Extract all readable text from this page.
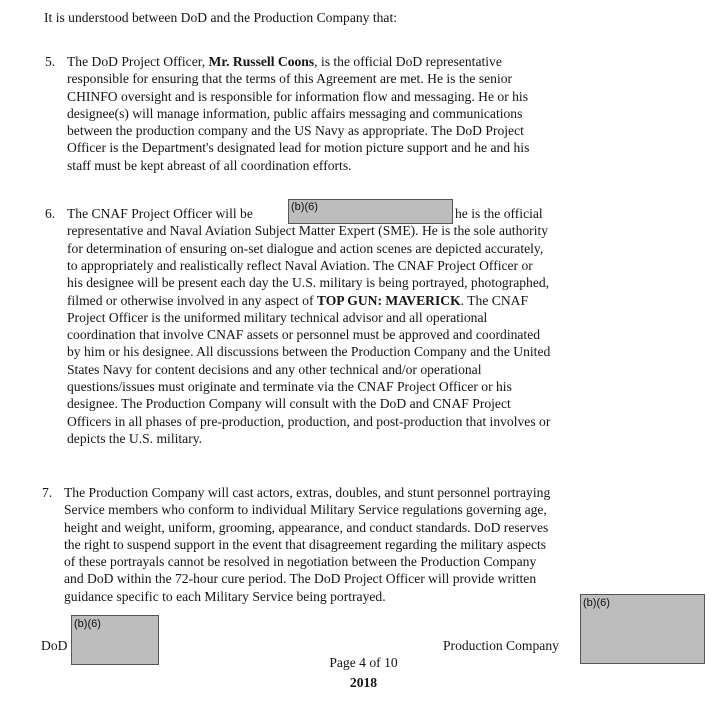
It is understood between DoD and the Production Company that:
5. The DoD Project Officer, Mr. Russell Coons, is the official DoD representative
responsible for ensuring that the terms of this Agreement are met. He is the senior
CHINFO oversight and is responsible for information flow and messaging. He or his
designee(s) will manage information, public affairs messaging and communications
between the production company and the US Navy as appropriate. The DoD Project
Officer is the Department's designated lead for motion picture support and he and his
staff must be kept abreast of all coordination efforts.
6. The CNAF Project Officer will be	(b)(6)	he is the official
representative and Naval Aviation Subject Matter Expert (SME). He is the sole authority
for determination of ensuring on-set dialogue and action scenes are depicted accurately,
to appropriately and realistically reflect Naval Aviation. The CNAF Project Officer or
his designee will be present each day the U.S. military is being portrayed, photographed,
filmed or otherwise involved in any aspect of TOP GUN: MAVERICK. The CNAF
Project Officer is the uniformed military technical advisor and all operational
coordination that involve CNAF assets or personnel must be approved and coordinated
by him or his designee. All discussions between the Production Company and the United
States Navy for content decisions and any other technical and/or operational
questions/issues must originate and terminate via the CNAF Project Officer or his
designee. The Production Company will consult with the DoD and CNAF Project
Officers in all phases of pre-production, production, and post-production that involves or
depicts the U.S. military.
7. The Production Company will cast actors, extras, doubles, and stunt personnel portraying
Service members who conform to individual Military Service regulations governing age,
height and weight, uniform, grooming, appearance, and conduct standards. DoD reserves
the right to suspend support in the event that disagreement regarding the military aspects
of these portrayals cannot be resolved in negotiation between the Production Company
and DoD within the 72-hour cure period. The DoD Project Officer will provide written
guidance specific to each Military Service being portrayed.
DoD
(b)(6)
Production Company
(b)(6)
Page 4 of 10
2018
